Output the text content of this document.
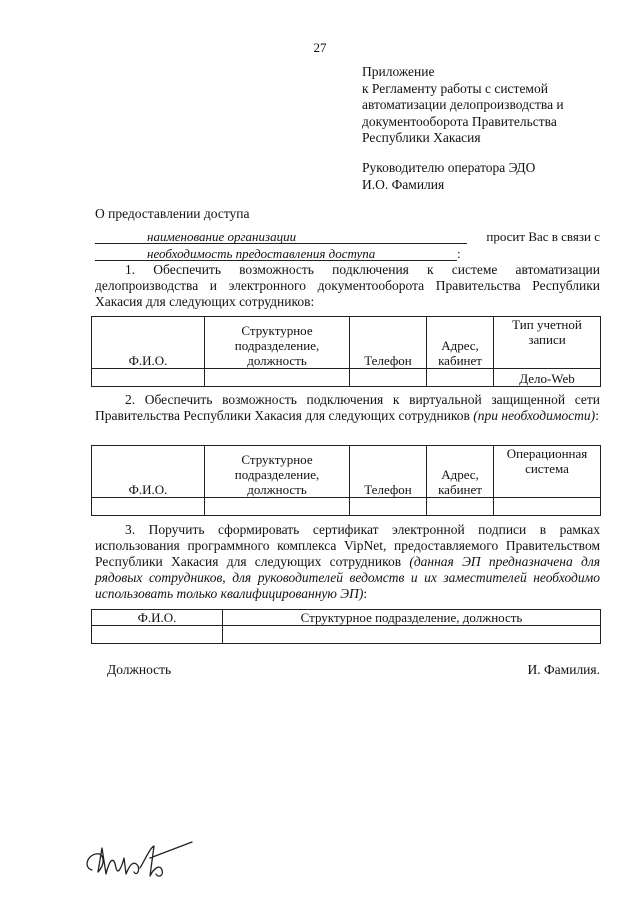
27
Приложение
к Регламенту работы с системой
автоматизации делопроизводства и
документооборота Правительства
Республики Хакасия
Руководителю оператора ЭДО
И.О. Фамилия
О предоставлении доступа
наименование организации	просит Вас в связи с
необходимость предоставления доступа	:
1. Обеспечить возможность подключения к системе автоматизации делопроизводства и электронного документооборота Правительства Республики Хакасия для следующих сотрудников:
Ф.И.О.	Структурное подразделение, должность	Телефон	Адрес, кабинет	Тип учетной записи
				Дело-Web
2. Обеспечить возможность подключения к виртуальной защищенной сети Правительства Республики Хакасия для следующих сотрудников (при необходимости):
Ф.И.О.	Структурное подразделение, должность	Телефон	Адрес, кабинет	Операционная система

3. Поручить сформировать сертификат электронной подписи в рамках использования программного комплекса VipNet, предоставляемого Правительством Республики Хакасия для следующих сотрудников (данная ЭП предназначена для рядовых сотрудников, для руководителей ведомств и их заместителей необходимо использовать только квалифицированную ЭП):
Ф.И.О.	Структурное подразделение, должность

Должность	И. Фамилия.
